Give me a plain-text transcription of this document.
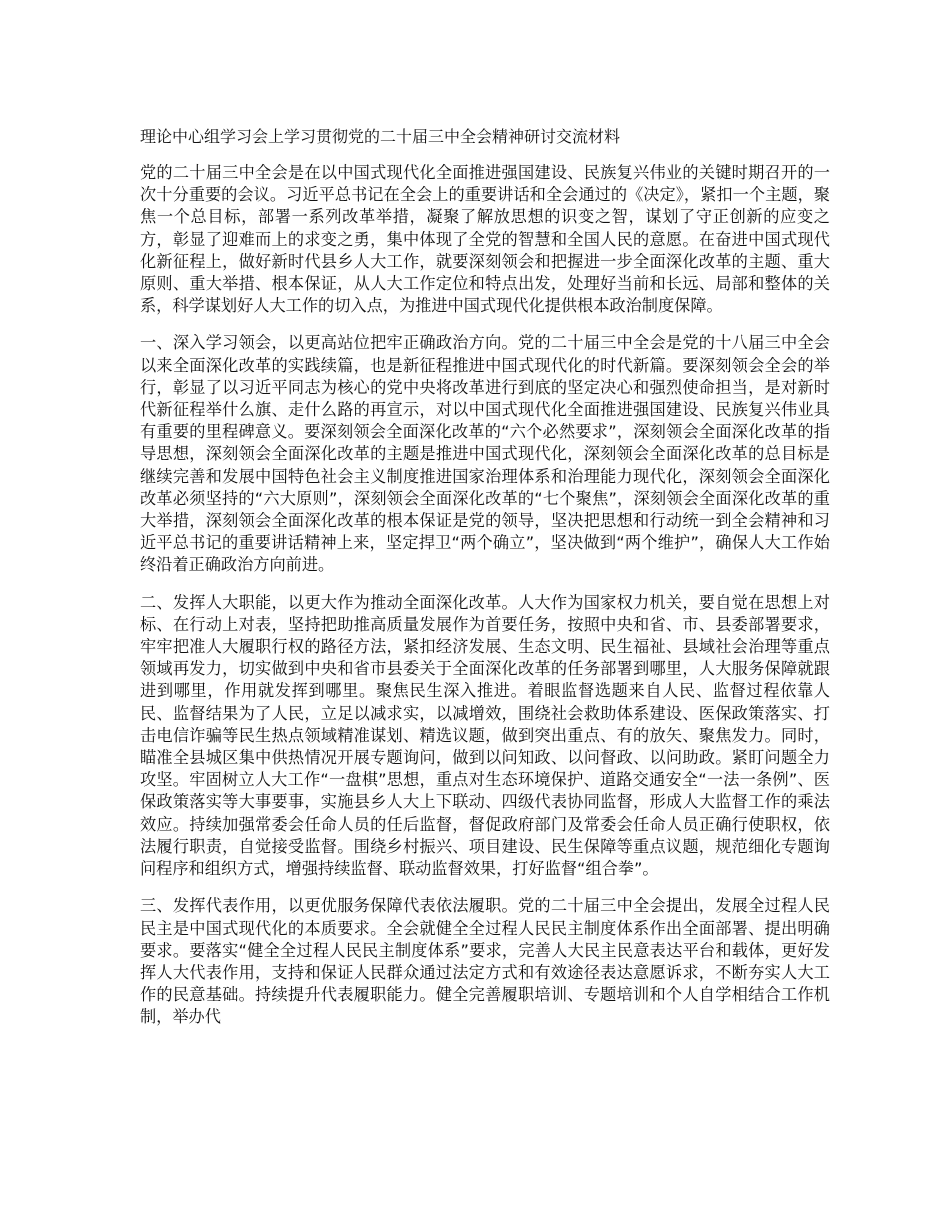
理论中心组学习会上学习贯彻党的二十届三中全会精神研讨交流材料

党的二十届三中全会是在以中国式现代化全面推进强国建设、民族复兴伟业的关键时期召开的一次十分重要的会议。习近平总书记在全会上的重要讲话和全会通过的《决定》，紧扣一个主题，聚焦一个总目标，部署一系列改革举措，凝聚了解放思想的识变之智，谋划了守正创新的应变之方，彰显了迎难而上的求变之勇，集中体现了全党的智慧和全国人民的意愿。在奋进中国式现代化新征程上，做好新时代县乡人大工作，就要深刻领会和把握进一步全面深化改革的主题、重大原则、重大举措、根本保证，从人大工作定位和特点出发，处理好当前和长远、局部和整体的关系，科学谋划好人大工作的切入点，为推进中国式现代化提供根本政治制度保障。

一、深入学习领会，以更高站位把牢正确政治方向。党的二十届三中全会是党的十八届三中全会以来全面深化改革的实践续篇，也是新征程推进中国式现代化的时代新篇。要深刻领会全会的举行，彰显了以习近平同志为核心的党中央将改革进行到底的坚定决心和强烈使命担当，是对新时代新征程举什么旗、走什么路的再宣示，对以中国式现代化全面推进强国建设、民族复兴伟业具有重要的里程碑意义。要深刻领会全面深化改革的“六个必然要求”，深刻领会全面深化改革的指导思想，深刻领会全面深化改革的主题是推进中国式现代化，深刻领会全面深化改革的总目标是继续完善和发展中国特色社会主义制度推进国家治理体系和治理能力现代化，深刻领会全面深化改革必须坚持的“六大原则”，深刻领会全面深化改革的“七个聚焦”，深刻领会全面深化改革的重大举措，深刻领会全面深化改革的根本保证是党的领导，坚决把思想和行动统一到全会精神和习近平总书记的重要讲话精神上来，坚定捍卫“两个确立”，坚决做到“两个维护”，确保人大工作始终沿着正确政治方向前进。

二、发挥人大职能，以更大作为推动全面深化改革。人大作为国家权力机关，要自觉在思想上对标、在行动上对表，坚持把助推高质量发展作为首要任务，按照中央和省、市、县委部署要求，牢牢把准人大履职行权的路径方法，紧扣经济发展、生态文明、民生福祉、县域社会治理等重点领域再发力，切实做到中央和省市县委关于全面深化改革的任务部署到哪里，人大服务保障就跟进到哪里，作用就发挥到哪里。聚焦民生深入推进。着眼监督选题来自人民、监督过程依靠人民、监督结果为了人民，立足以减求实，以减增效，围绕社会救助体系建设、医保政策落实、打击电信诈骗等民生热点领域精准谋划、精选议题，做到突出重点、有的放矢、聚焦发力。同时，瞄准全县城区集中供热情况开展专题询问，做到以问知政、以问督政、以问助政。紧盯问题全力攻坚。牢固树立人大工作“一盘棋”思想，重点对生态环境保护、道路交通安全“一法一条例”、医保政策落实等大事要事，实施县乡人大上下联动、四级代表协同监督，形成人大监督工作的乘法效应。持续加强常委会任命人员的任后监督，督促政府部门及常委会任命人员正确行使职权，依法履行职责，自觉接受监督。围绕乡村振兴、项目建设、民生保障等重点议题，规范细化专题询问程序和组织方式，增强持续监督、联动监督效果，打好监督“组合拳”。

三、发挥代表作用，以更优服务保障代表依法履职。党的二十届三中全会提出，发展全过程人民民主是中国式现代化的本质要求。全会就健全全过程人民民主制度体系作出全面部署、提出明确要求。要落实“健全全过程人民民主制度体系”要求，完善人大民主民意表达平台和载体，更好发挥人大代表作用，支持和保证人民群众通过法定方式和有效途径表达意愿诉求，不断夯实人大工作的民意基础。持续提升代表履职能力。健全完善履职培训、专题培训和个人自学相结合工作机制，举办代
